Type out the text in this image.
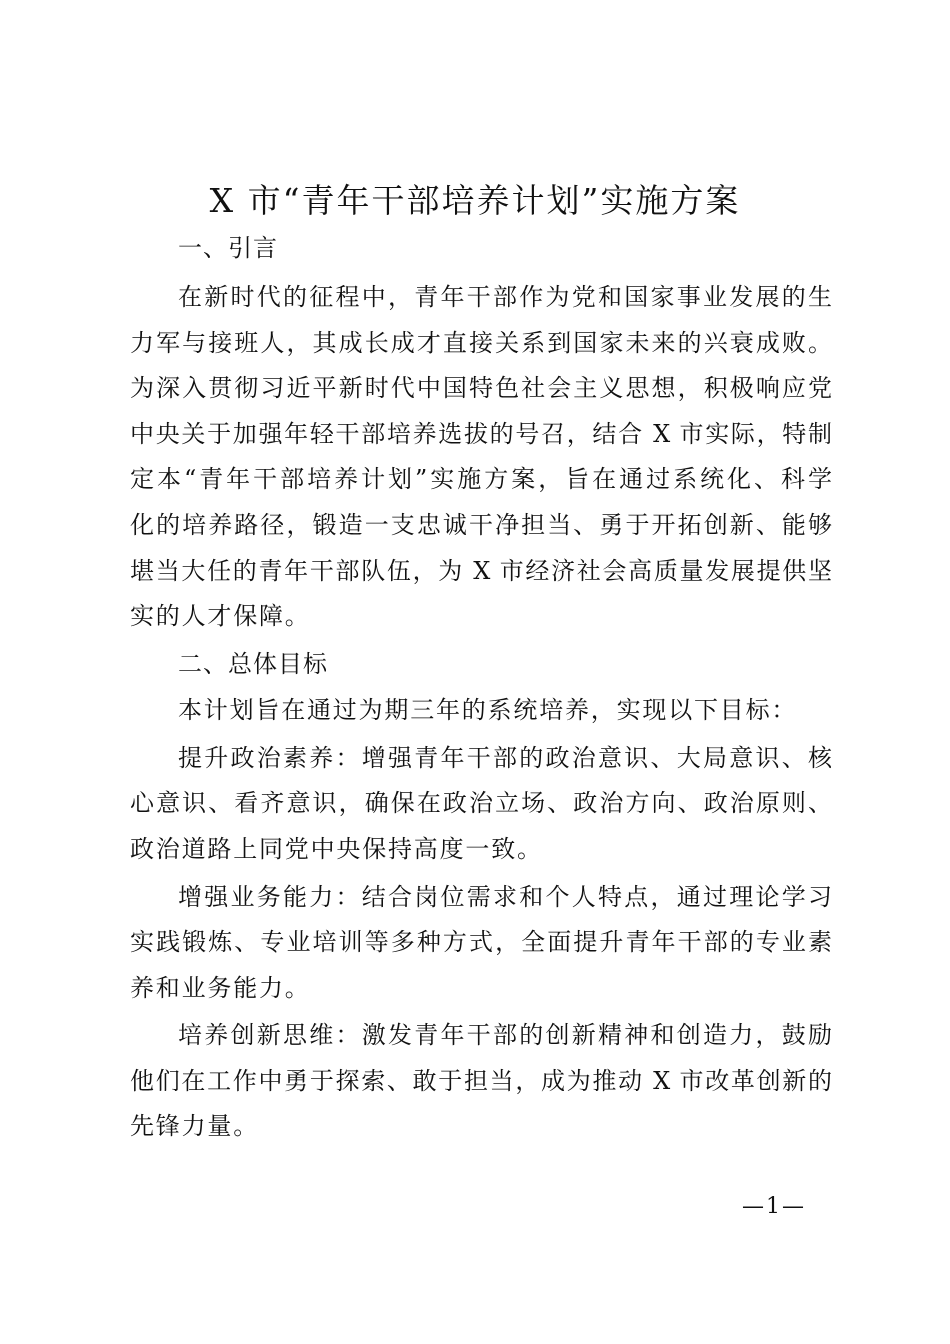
X 市“青年干部培养计划”实施方案
一、引言
在新时代的征程中，青年干部作为党和国家事业发展的生
力军与接班人，其成长成才直接关系到国家未来的兴衰成败。
为深入贯彻习近平新时代中国特色社会主义思想，积极响应党
中央关于加强年轻干部培养选拔的号召，结合 X 市实际，特制
定本“青年干部培养计划”实施方案，旨在通过系统化、科学
化的培养路径，锻造一支忠诚干净担当、勇于开拓创新、能够
堪当大任的青年干部队伍，为 X 市经济社会高质量发展提供坚
实的人才保障。
二、总体目标
本计划旨在通过为期三年的系统培养，实现以下目标：
提升政治素养：增强青年干部的政治意识、大局意识、核
心意识、看齐意识，确保在政治立场、政治方向、政治原则、
政治道路上同党中央保持高度一致。
增强业务能力：结合岗位需求和个人特点，通过理论学习
实践锻炼、专业培训等多种方式，全面提升青年干部的专业素
养和业务能力。
培养创新思维：激发青年干部的创新精神和创造力，鼓励
他们在工作中勇于探索、敢于担当，成为推动 X 市改革创新的
先锋力量。
—1—
